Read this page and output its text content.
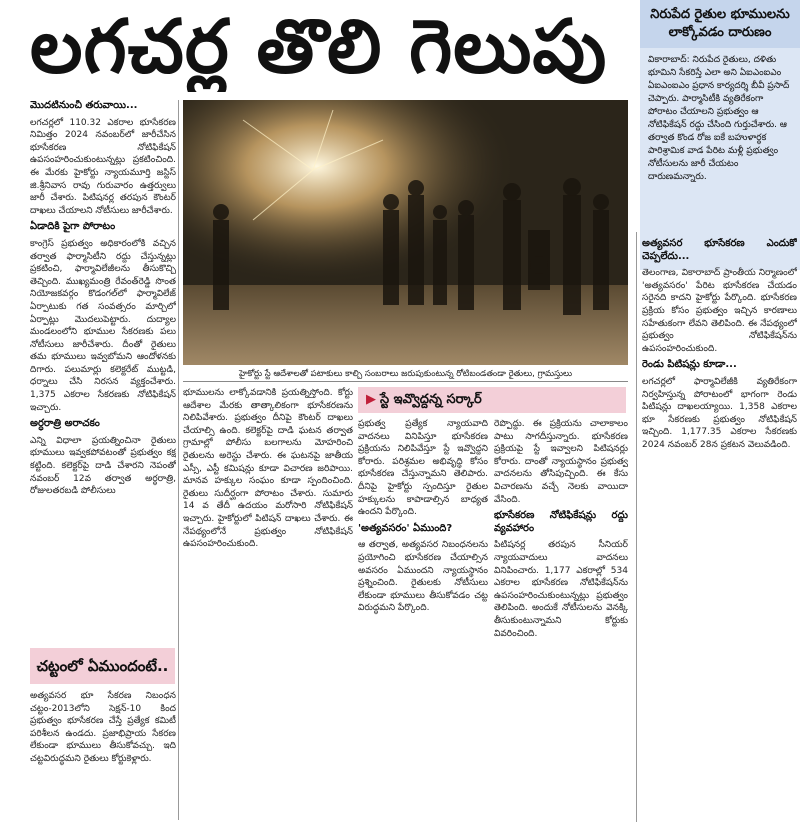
లగచర్ల తొలి గెలుపు	నిరుపేద రైతుల భూములను లాక్కోవడం దారుణం
వికారాబాద్: నిరుపేద రైతులు, దళితు భూమిని సేకరిస్తే ఎలా అని ఏఐఎంఐఎం ఏఐఎంఐఎం ప్రధాన కార్యదర్శి బీవీ ప్రసాద్ చెప్పారు. పార్మాసిటీకి వ్యతిరేకంగా పోరాటం చేయాలని ప్రభుత్వం ఆ నోటిఫికేషన్ రద్దు చేసింది గుర్తుచేశారు. ఆ తర్వాత కొండ రోజ ఐకే బహుళార్థక పారిశ్రామిక వాడ పేరిట మళ్లీ ప్రభుత్వం నోటీసులను జారీ చేయటం దారుణమన్నారు.

మొదటినుంచీ తరువాయి...

లగచర్లలో 110.32 ఎకరాల భూసేకరణ నిమిత్తం 2024 నవంబర్‌లో జారీచేసిన భూసేకరణ నోటిఫికేషన్ ఉపసంహరించుకుంటున్నట్లు ప్రకటించింది. ఈ మేరకు హైకోర్టు న్యాయమూర్తి జస్టిస్ జి.శ్రీనివాస రావు గురువారం ఉత్తర్వులు జారీ చేశారు. పిటిషనర్ల తరపున కౌంటర్ దాఖలు చేయాలని నోటీసులు జారీచేశారు.

ఏడాదికి పైగా పోరాటం

కాంగ్రెస్ ప్రభుత్వం అధికారంలోకి వచ్చిన తర్వాత ఫార్మాసిటీని రద్దు చేస్తున్నట్లు ప్రకటించి, ఫార్మావిలేజీలను తీసుకొచ్చి తెచ్చింది. ముఖ్యమంత్రి రేవంత్‌రెడ్డి సొంత నియోజకవర్గం కొడంగల్‌లో ఫార్మావిలేజ్ ఏర్పాటుకు గత సంవత్సరం మార్చిలో ఏర్పాట్లు మొదలుపెట్టారు. దుద్యాల మండలంలోని భూముల సేకరణకు పలు నోటీసులు జారీచేశారు. దీంతో రైతులు తమ భూములు ఇవ్వబోమని ఆందోళనకు దిగారు. పలుమార్లు కలెక్టరేట్ ముట్టడి, ధర్నాలు చేసి నిరసన వ్యక్తంచేశారు. 1,375 ఎకరాల సేకరణకు నోటిఫికేషన్ ఇచ్చారు.

అర్ధరాత్రి అరాచకం

ఎన్ని విధాలా ప్రయత్నించినా రైతులు భూములు ఇవ్వకపోవటంతో ప్రభుత్వం కక్ష కట్టింది. కలెక్టర్‌పై దాడి చేశారని నెపంతో నవంబర్ 12వ తర్వాత అర్ధరాత్రి, రోజులతరబడి పోలీసులు

హైకోర్టు స్టే ఆదేశాలతో పటాకులు కాల్చి సంబరాలు జరుపుకుంటున్న రోటిబండతండా రైతులు, గ్రామస్తులు

భూములను లాక్కోవడానికి ప్రయత్నిస్తోంది. కోర్టు ఆదేశాల మేరకు తాత్కాలికంగా భూసేకరణను నిలిపివేశారు. ప్రభుత్వం దీనిపై కౌంటర్ దాఖలు చేయాల్సి ఉంది. కలెక్టర్‌పై దాడి ఘటన తర్వాత గ్రామాల్లో పోలీసు బలగాలను మోహరించి రైతులను అరెస్టు చేశారు. ఈ ఘటనపై జాతీయ ఎస్సీ, ఎస్టీ కమిషన్లు కూడా విచారణ జరిపాయి. మానవ హక్కుల సంఘం కూడా స్పందించింది. రైతులు సుదీర్ఘంగా పోరాటం చేశారు. సుమారు 14 వ తేదీ ఉదయం మరోసారి నోటిఫికేషన్ ఇచ్చారు. హైకోర్టులో పిటిషన్ దాఖలు చేశారు. ఈ నేపథ్యంలోనే ప్రభుత్వం నోటిఫికేషన్ ఉపసంహరించుకుంది.

▶ స్టే ఇవ్వొద్దన్న సర్కార్

ప్రభుత్వ ప్రత్యేక న్యాయవాది వాదనలు వినిపిస్తూ భూసేకరణ ప్రక్రియను నిలిపివేస్తూ స్టే ఇవ్వొద్దని కోరారు. పరిశ్రమల అభివృద్ధి కోసం భూసేకరణ చేస్తున్నామని తెలిపారు. దీనిపై హైకోర్టు స్పందిస్తూ రైతుల హక్కులను కాపాడాల్సిన బాధ్యత ఉందని పేర్కొంది.

'అత్యవసరం' ఏముంది?

ఆ తర్వాత, అత్యవసర నిబంధనలను ప్రయోగించి భూసేకరణ చేయాల్సిన అవసరం ఏముందని న్యాయస్థానం ప్రశ్నించింది. రైతులకు నోటీసులు లేకుండా భూములు తీసుకోవడం చట్ట విరుద్ధమని పేర్కొంది.

రెప్పొద్దు. ఈ ప్రక్రియను చాలాకాలం పాటు సాగదీస్తున్నారు. భూసేకరణ ప్రక్రియపై స్టే ఇవ్వాలని పిటిషనర్లు కోరారు. దాంతో న్యాయస్థానం ప్రభుత్వ వాదనలను తోసిపుచ్చింది. ఈ కేసు విచారణను వచ్చే నెలకు వాయిదా వేసింది.

భూసేకరణ నోటిఫికేషన్లు రద్దు వ్యవహారం

పిటిషనర్ల తరపున సీనియర్ న్యాయవాదులు వాదనలు వినిపించారు. 1,177 ఎకరాల్లో 534 ఎకరాల భూసేకరణ నోటిఫికేషన్‌ను ఉపసంహరించుకుంటున్నట్లు ప్రభుత్వం తెలిపింది. అందుకే నోటీసులను వెనక్కి తీసుకుంటున్నామని కోర్టుకు వివరించింది.

చట్టంలో ఏముందంటే..

అత్యవసర భూ సేకరణ నిబంధన చట్టం-2013లోని సెక్షన్-10 కింద ప్రభుత్వం భూసేకరణ చేస్తే ప్రత్యేక కమిటీ పరిశీలన ఉండదు. ప్రజాభిప్రాయ సేకరణ లేకుండా భూములు తీసుకోవచ్చు. ఇది చట్టవిరుద్ధమని రైతులు కోర్టుకెళ్లారు.

అత్యవసర భూసేకరణ ఎందుకో చెప్పలేదు...

తెలంగాణ, వికారాబాద్ ప్రాంతీయ నిర్మాణంలో 'అత్యవసరం' పేరిట భూసేకరణ చేయడం సరైనది కాదని హైకోర్టు పేర్కొంది. భూసేకరణ ప్రక్రియ కోసం ప్రభుత్వం ఇచ్చిన కారణాలు సహేతుకంగా లేవని తెలిపింది. ఈ నేపథ్యంలో ప్రభుత్వం నోటిఫికేషన్‌ను ఉపసంహరించుకుంది.

రెండు పిటిషన్లు కూడా...

లగచర్లలో ఫార్మావిలేజీకి వ్యతిరేకంగా నిర్వహిస్తున్న పోరాటంలో భాగంగా రెండు పిటిషన్లు దాఖలయ్యాయి. 1,358 ఎకరాల భూ సేకరణకు ప్రభుత్వం నోటిఫికేషన్ ఇచ్చింది. 1,177.35 ఎకరాల సేకరణకు 2024 నవంబర్ 28న ప్రకటన వెలువడింది.
